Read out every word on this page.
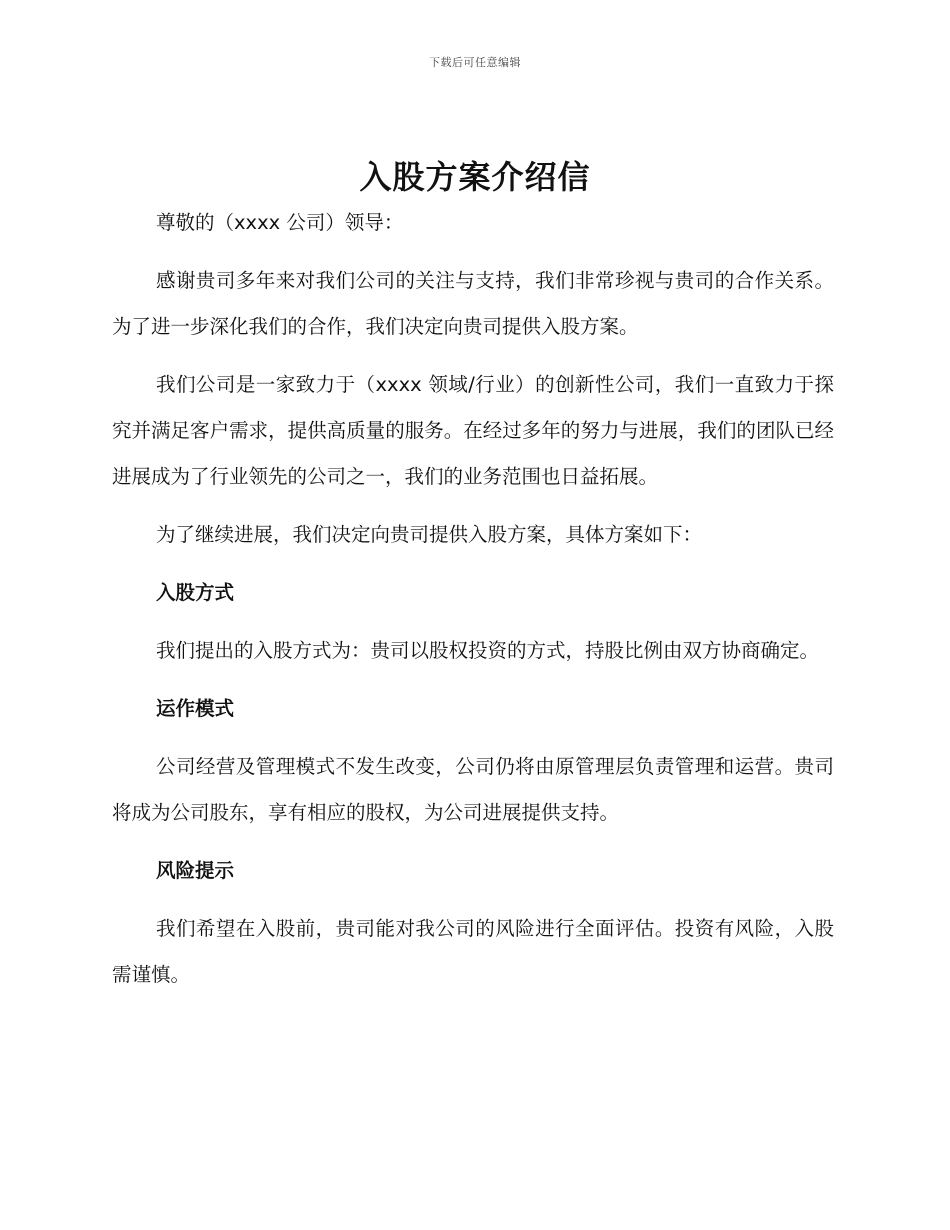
下载后可任意编辑
入股方案介绍信

尊敬的（xxxx 公司）领导：

感谢贵司多年来对我们公司的关注与支持，我们非常珍视与贵司的合作关系。为了进一步深化我们的合作，我们决定向贵司提供入股方案。

我们公司是一家致力于（xxxx 领域/行业）的创新性公司，我们一直致力于探究并满足客户需求，提供高质量的服务。在经过多年的努力与进展，我们的团队已经进展成为了行业领先的公司之一，我们的业务范围也日益拓展。

为了继续进展，我们决定向贵司提供入股方案，具体方案如下：

入股方式

我们提出的入股方式为：贵司以股权投资的方式，持股比例由双方协商确定。

运作模式

公司经营及管理模式不发生改变，公司仍将由原管理层负责管理和运营。贵司将成为公司股东，享有相应的股权，为公司进展提供支持。

风险提示

我们希望在入股前，贵司能对我公司的风险进行全面评估。投资有风险，入股需谨慎。
